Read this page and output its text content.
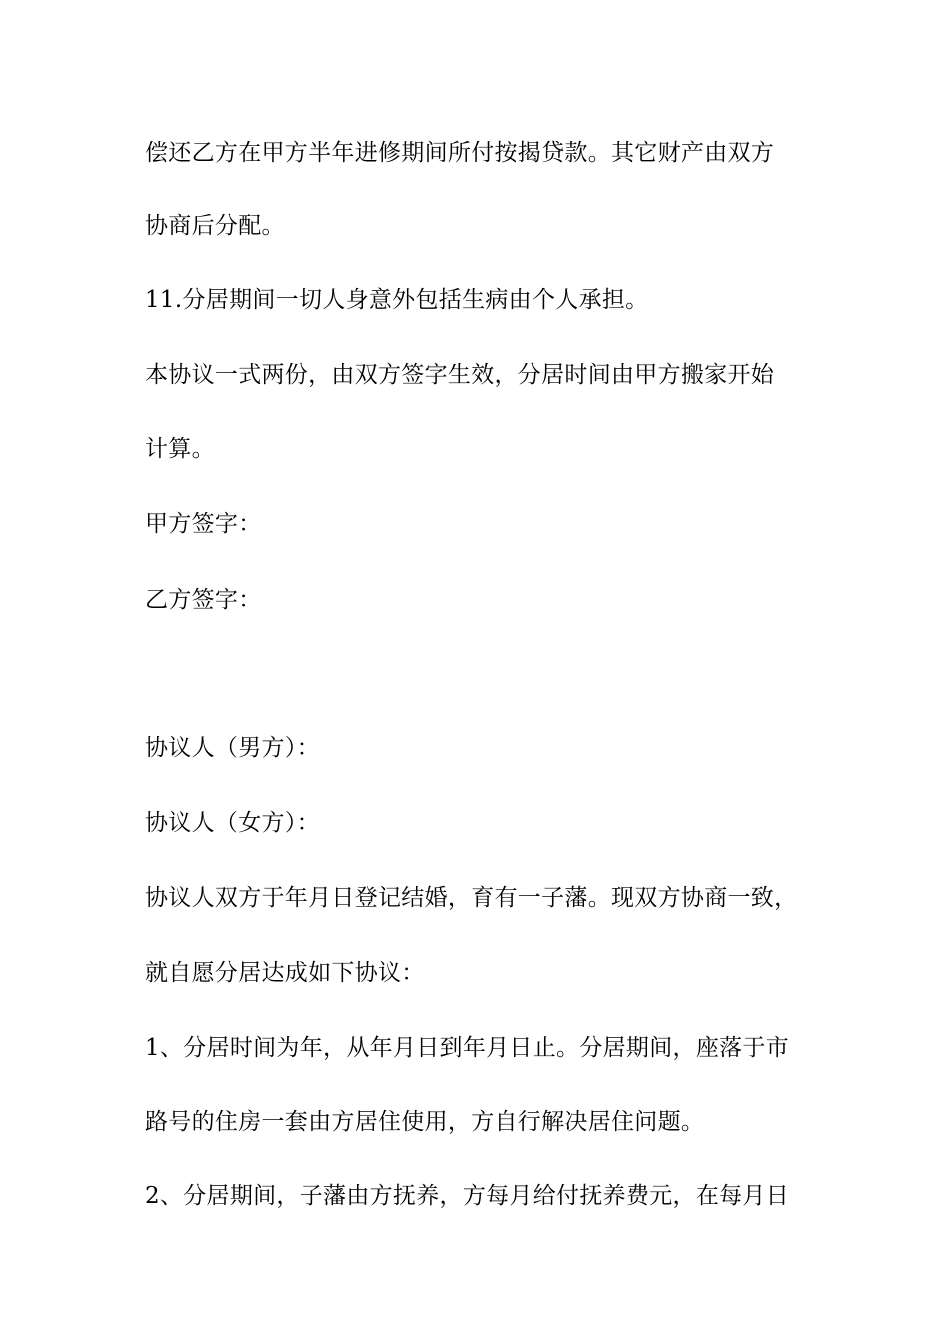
偿还乙方在甲方半年进修期间所付按揭贷款。其它财产由双方
协商后分配。
11.分居期间一切人身意外包括生病由个人承担。
本协议一式两份，由双方签字生效，分居时间由甲方搬家开始
计算。
甲方签字：
乙方签字：
协议人（男方）：
协议人（女方）：
协议人双方于年月日登记结婚，育有一子藩。现双方协商一致，
就自愿分居达成如下协议：
1、分居时间为年，从年月日到年月日止。分居期间，座落于市
路号的住房一套由方居住使用，方自行解决居住问题。
2、分居期间，子藩由方抚养，方每月给付抚养费元，在每月日
